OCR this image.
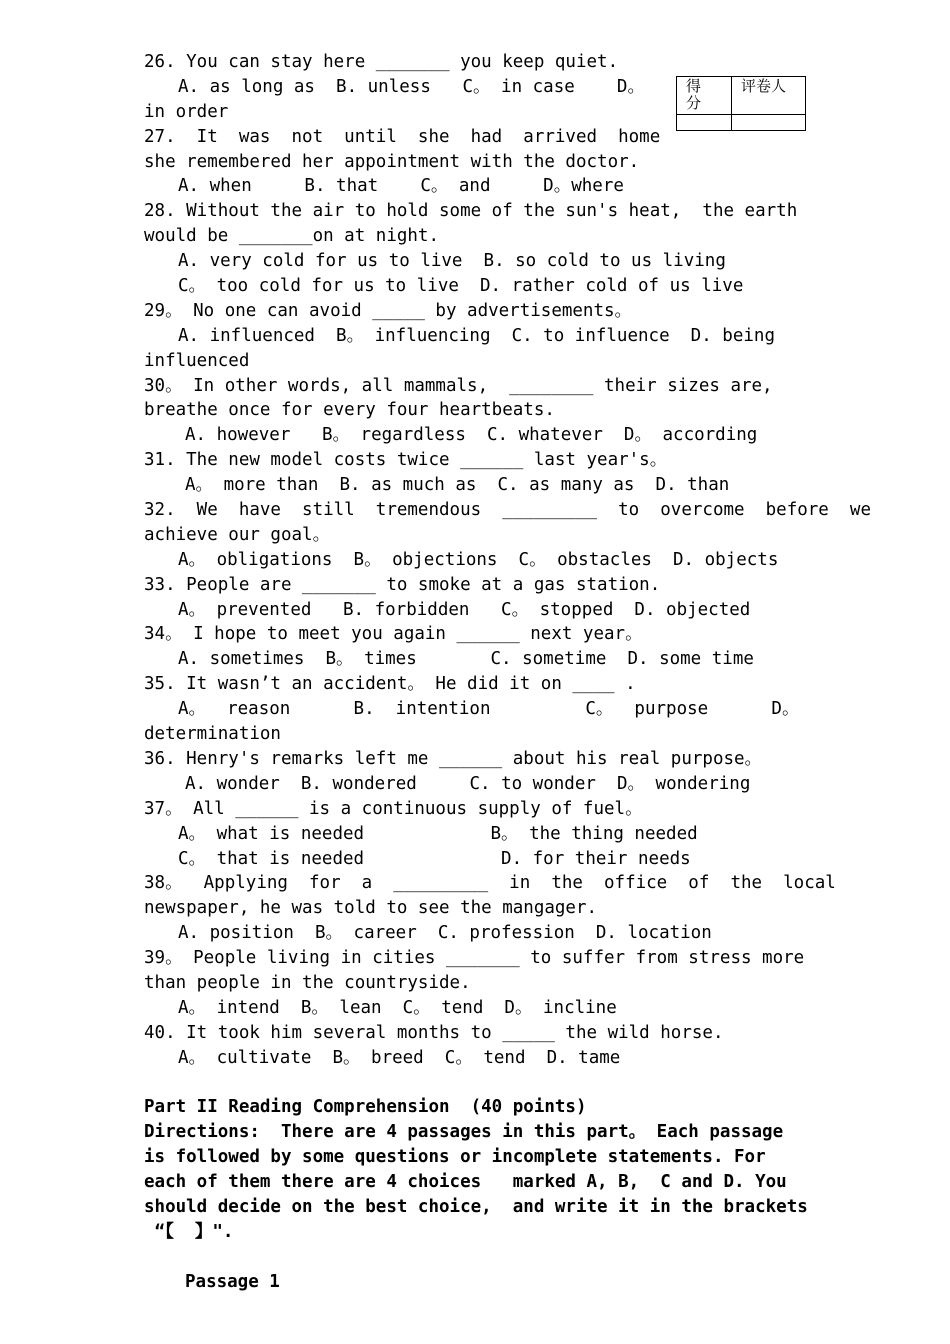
得分
评卷人
26. You can stay here _______ you keep quiet.
A. as long as  B. unless   C。 in case    D。
in order
27.  It  was  not  until  she  had  arrived  home
she remembered her appointment with the doctor.
A. when     B. that    C。 and     D。where
28. Without the air to hold some of the sun's heat,  the earth
would be _______on at night.
A. very cold for us to live  B. so cold to us living
C。 too cold for us to live  D. rather cold of us live
29。 No one can avoid _____ by advertisements。
A. influenced  B。 influencing  C. to influence  D. being
influenced
30。 In other words, all mammals,  ________ their sizes are,
breathe once for every four heartbeats.
A. however   B。 regardless  C. whatever  D。 according
31. The new model costs twice ______ last year's。
A。 more than  B. as much as  C. as many as  D. than
32.  We  have  still  tremendous  _________  to  overcome  before  we
achieve our goal。
A。 obligations  B。 objections  C。 obstacles  D. objects
33. People are _______ to smoke at a gas station.
A。 prevented   B. forbidden   C。 stopped  D. objected
34。 I hope to meet you again ______ next year。
A. sometimes  B。 times       C. sometime  D. some time
35. It wasn’t an accident。 He did it on ____ .
A。  reason      B.  intention         C。  purpose      D。
determination
36. Henry's remarks left me ______ about his real purpose。
A. wonder  B. wondered     C. to wonder  D。 wondering
37。 All ______ is a continuous supply of fuel。
A。 what is needed            B。 the thing needed
C。 that is needed             D. for their needs
38。  Applying  for  a  _________  in  the  office  of  the  local
newspaper, he was told to see the mangager.
A. position  B。 career  C. profession  D. location
39。 People living in cities _______ to suffer from stress more
than people in the countryside.
A。 intend  B。 lean  C。 tend  D。 incline
40. It took him several months to _____ the wild horse.
A。 cultivate  B。 breed  C。 tend  D. tame
Part II Reading Comprehension  (40 points)
Directions:  There are 4 passages in this part。 Each passage
is followed by some questions or incomplete statements. For
each of them there are 4 choices   marked A, B,  C and D. You
should decide on the best choice,  and write it in the brackets
“【  】".
Passage 1
